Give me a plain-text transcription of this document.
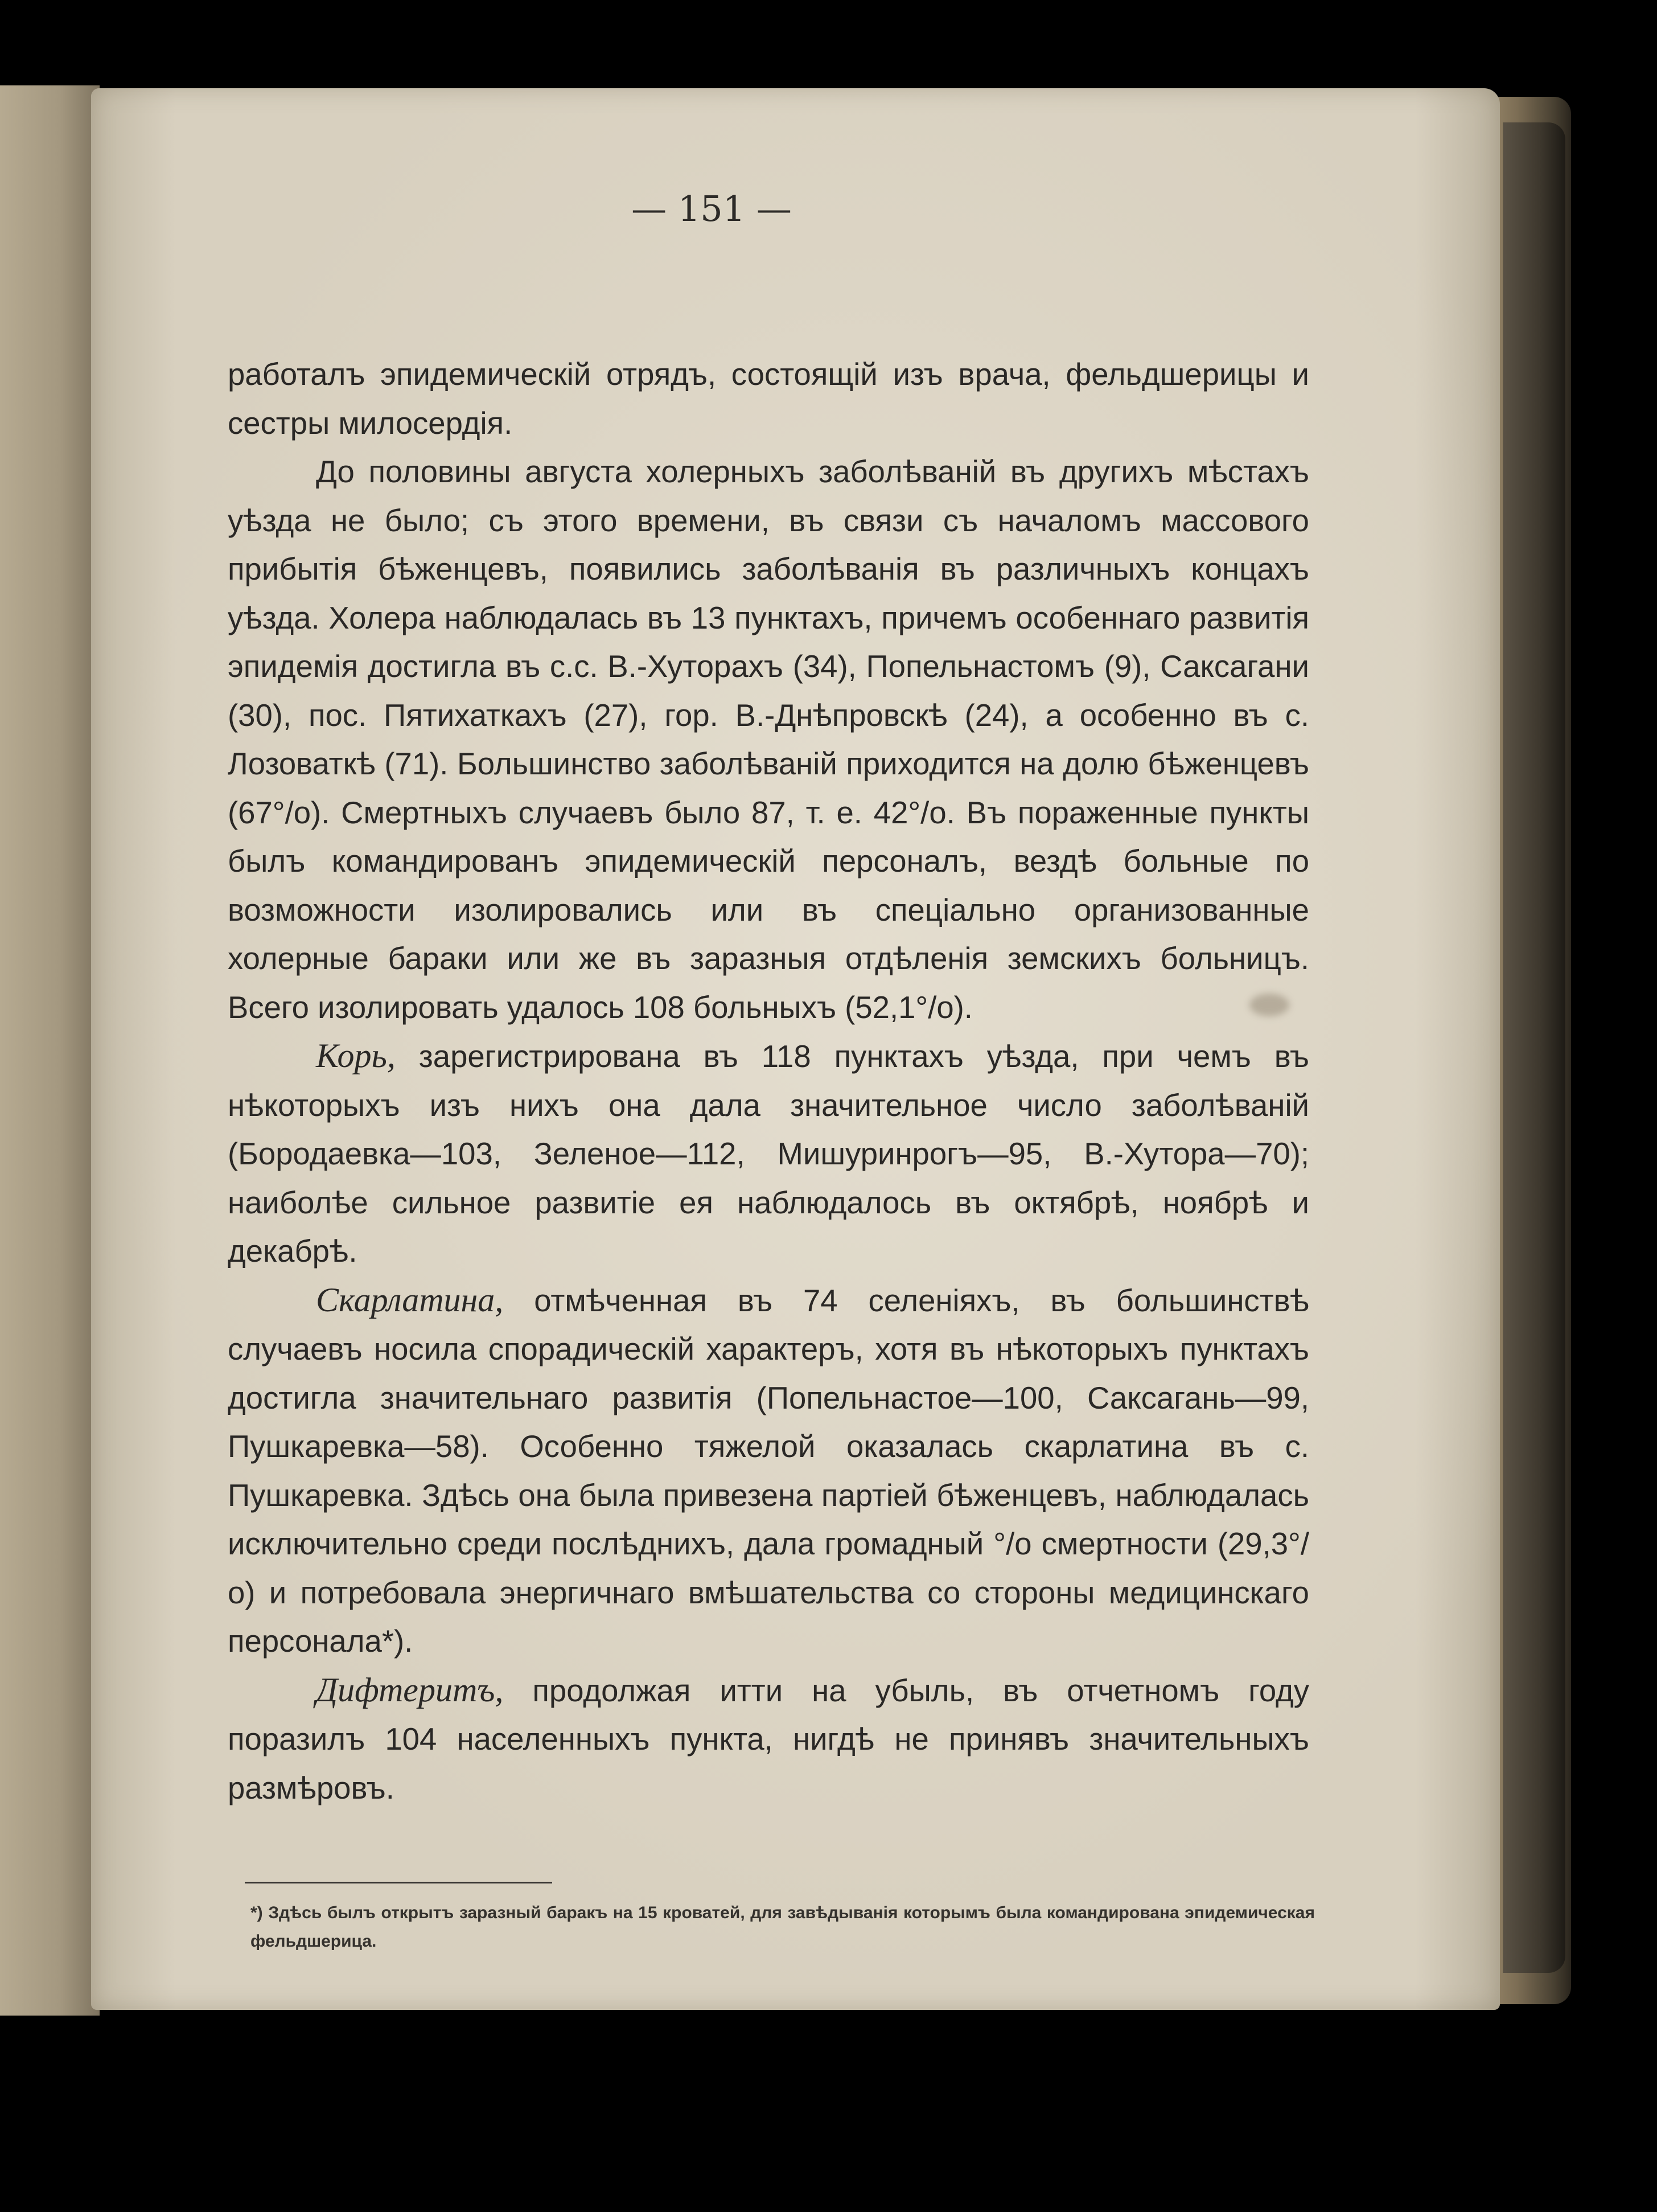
— 151 —

работалъ эпидемическій отрядъ, состоящій изъ врача, фельдшерицы и сестры милосердія.

До половины августа холерныхъ заболѣваній въ другихъ мѣстахъ уѣзда не было; съ этого времени, въ связи съ началомъ массового прибытія бѣженцевъ, появились заболѣванія въ различныхъ концахъ уѣзда. Холера наблюдалась въ 13 пунктахъ, причемъ особеннаго развитія эпидемія достигла въ с.с. В.-Хуторахъ (34), Попельнастомъ (9), Саксагани (30), пос. Пятихаткахъ (27), гор. В.-Днѣпровскѣ (24), а особенно въ с. Лозоваткѣ (71). Большинство заболѣваній приходится на долю бѣженцевъ (67°/о). Смертныхъ случаевъ было 87, т. е. 42°/о. Въ пораженные пункты былъ командированъ эпидемическій персоналъ, вездѣ больные по возможности изолировались или въ спеціально организованные холерные бараки или же въ заразныя отдѣленія земскихъ больницъ. Всего изолировать удалось 108 больныхъ (52,1°/о).

Корь, зарегистрирована въ 118 пунктахъ уѣзда, при чемъ въ нѣкоторыхъ изъ нихъ она дала значительное число заболѣваній (Бородаевка—103, Зеленое—112, Мишуринрогъ—95, В.-Хутора—70); наиболѣе сильное развитіе ея наблюдалось въ октябрѣ, ноябрѣ и декабрѣ.

Скарлатина, отмѣченная въ 74 селеніяхъ, въ большинствѣ случаевъ носила спорадическій характеръ, хотя въ нѣкоторыхъ пунктахъ достигла значительнаго развитія (Попельнастое—100, Саксагань—99, Пушкаревка—58). Особенно тяжелой оказалась скарлатина въ с. Пушкаревка. Здѣсь она была привезена партіей бѣженцевъ, наблюдалась исключительно среди послѣднихъ, дала громадный °/о смертности (29,3°/о) и потребовала энергичнаго вмѣшательства со стороны медицинскаго персонала*).

Дифтеритъ, продолжая итти на убыль, въ отчетномъ году поразилъ 104 населенныхъ пункта, нигдѣ не принявъ значительныхъ размѣровъ.

*) Здѣсь былъ открытъ заразный баракъ на 15 кроватей, для завѣдыванія которымъ была командирована эпидемическая фельдшерица.
